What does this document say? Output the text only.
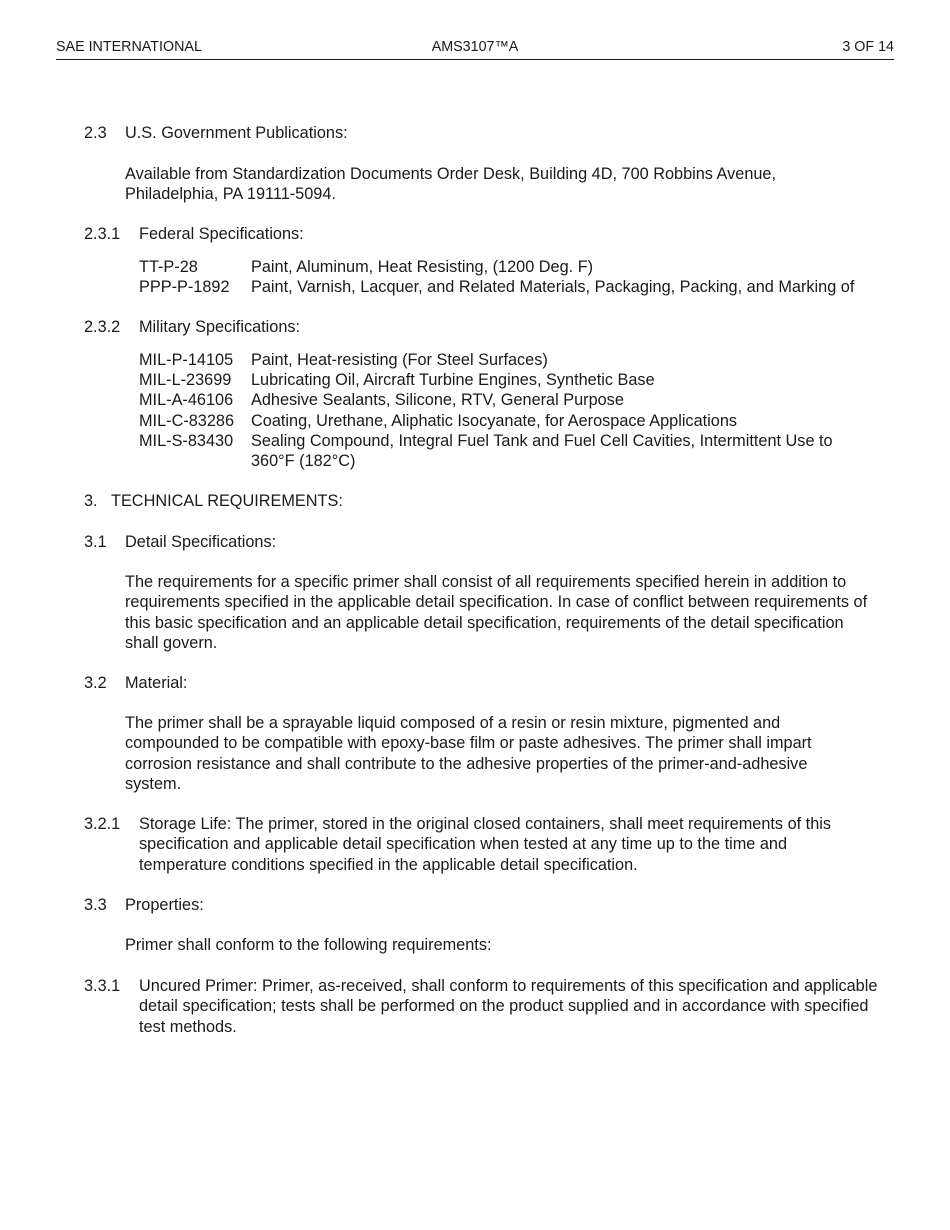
SAE INTERNATIONAL	AMS3107™A	3 OF 14
2.3 U.S. Government Publications:

Available from Standardization Documents Order Desk, Building 4D, 700 Robbins Avenue, Philadelphia, PA 19111-5094.

2.3.1 Federal Specifications:
TT-P-28	Paint, Aluminum, Heat Resisting, (1200 Deg. F)
PPP-P-1892 Paint, Varnish, Lacquer, and Related Materials, Packaging, Packing, and Marking of
2.3.2 Military Specifications:
MIL-P-14105 Paint, Heat-resisting (For Steel Surfaces)
MIL-L-23699 Lubricating Oil, Aircraft Turbine Engines, Synthetic Base
MIL-A-46106 Adhesive Sealants, Silicone, RTV, General Purpose
MIL-C-83286 Coating, Urethane, Aliphatic Isocyanate, for Aerospace Applications
MIL-S-83430 Sealing Compound, Integral Fuel Tank and Fuel Cell Cavities, Intermittent Use to 360°F (182°C)
3. TECHNICAL REQUIREMENTS:
3.1 Detail Specifications:

The requirements for a specific primer shall consist of all requirements specified herein in addition to requirements specified in the applicable detail specification. In case of conflict between requirements of this basic specification and an applicable detail specification, requirements of the detail specification shall govern.

3.2 Material:

The primer shall be a sprayable liquid composed of a resin or resin mixture, pigmented and compounded to be compatible with epoxy-base film or paste adhesives. The primer shall impart corrosion resistance and shall contribute to the adhesive properties of the primer-and-adhesive system.

3.2.1 Storage Life: The primer, stored in the original closed containers, shall meet requirements of this specification and applicable detail specification when tested at any time up to the time and temperature conditions specified in the applicable detail specification.

3.3 Properties:

Primer shall conform to the following requirements:

3.3.1 Uncured Primer: Primer, as-received, shall conform to requirements of this specification and applicable detail specification; tests shall be performed on the product supplied and in accordance with specified test methods.
